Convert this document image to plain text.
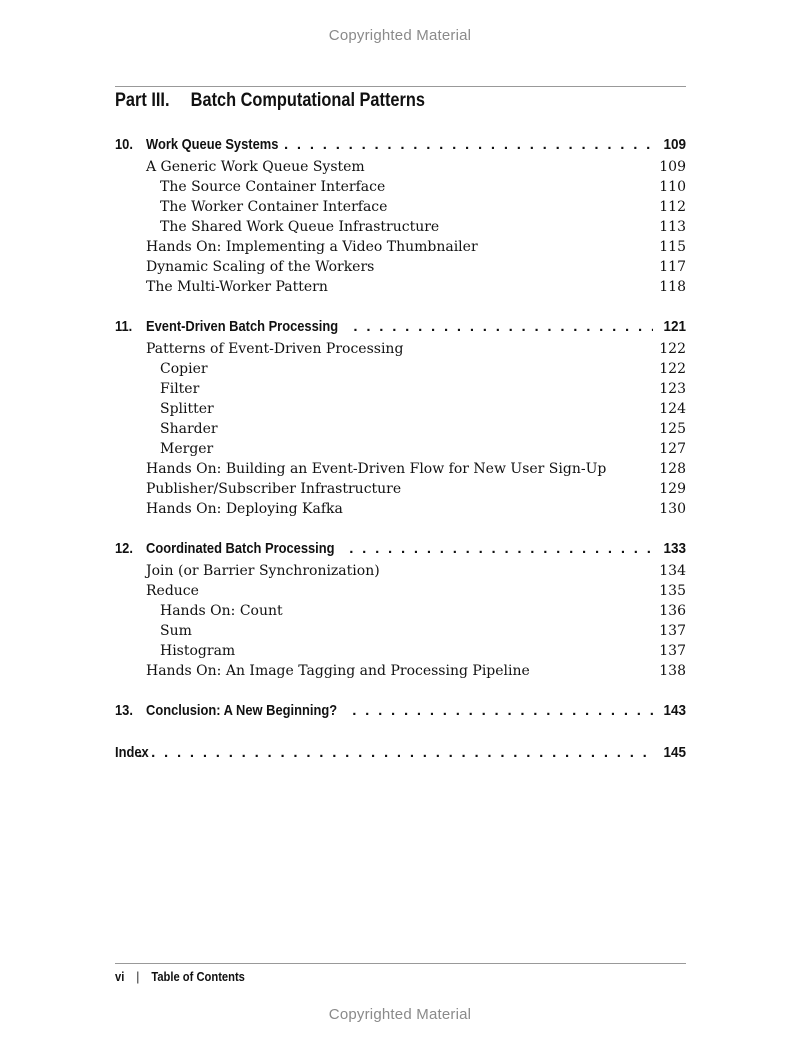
Copyrighted Material
Part III. Batch Computational Patterns
10. Work Queue Systems . . .	109
A Generic Work Queue System	109
The Source Container Interface	110
The Worker Container Interface	112
The Shared Work Queue Infrastructure	113
Hands On: Implementing a Video Thumbnailer	115
Dynamic Scaling of the Workers	117
The Multi-Worker Pattern	118
11. Event-Driven Batch Processing . . .	121
Patterns of Event-Driven Processing	122
Copier	122
Filter	123
Splitter	124
Sharder	125
Merger	127
Hands On: Building an Event-Driven Flow for New User Sign-Up	128
Publisher/Subscriber Infrastructure	129
Hands On: Deploying Kafka	130
12. Coordinated Batch Processing . . .	133
Join (or Barrier Synchronization)	134
Reduce	135
Hands On: Count	136
Sum	137
Histogram	137
Hands On: An Image Tagging and Processing Pipeline	138
13. Conclusion: A New Beginning? . . .	143
Index . . .	145
vi | Table of Contents
Copyrighted Material
